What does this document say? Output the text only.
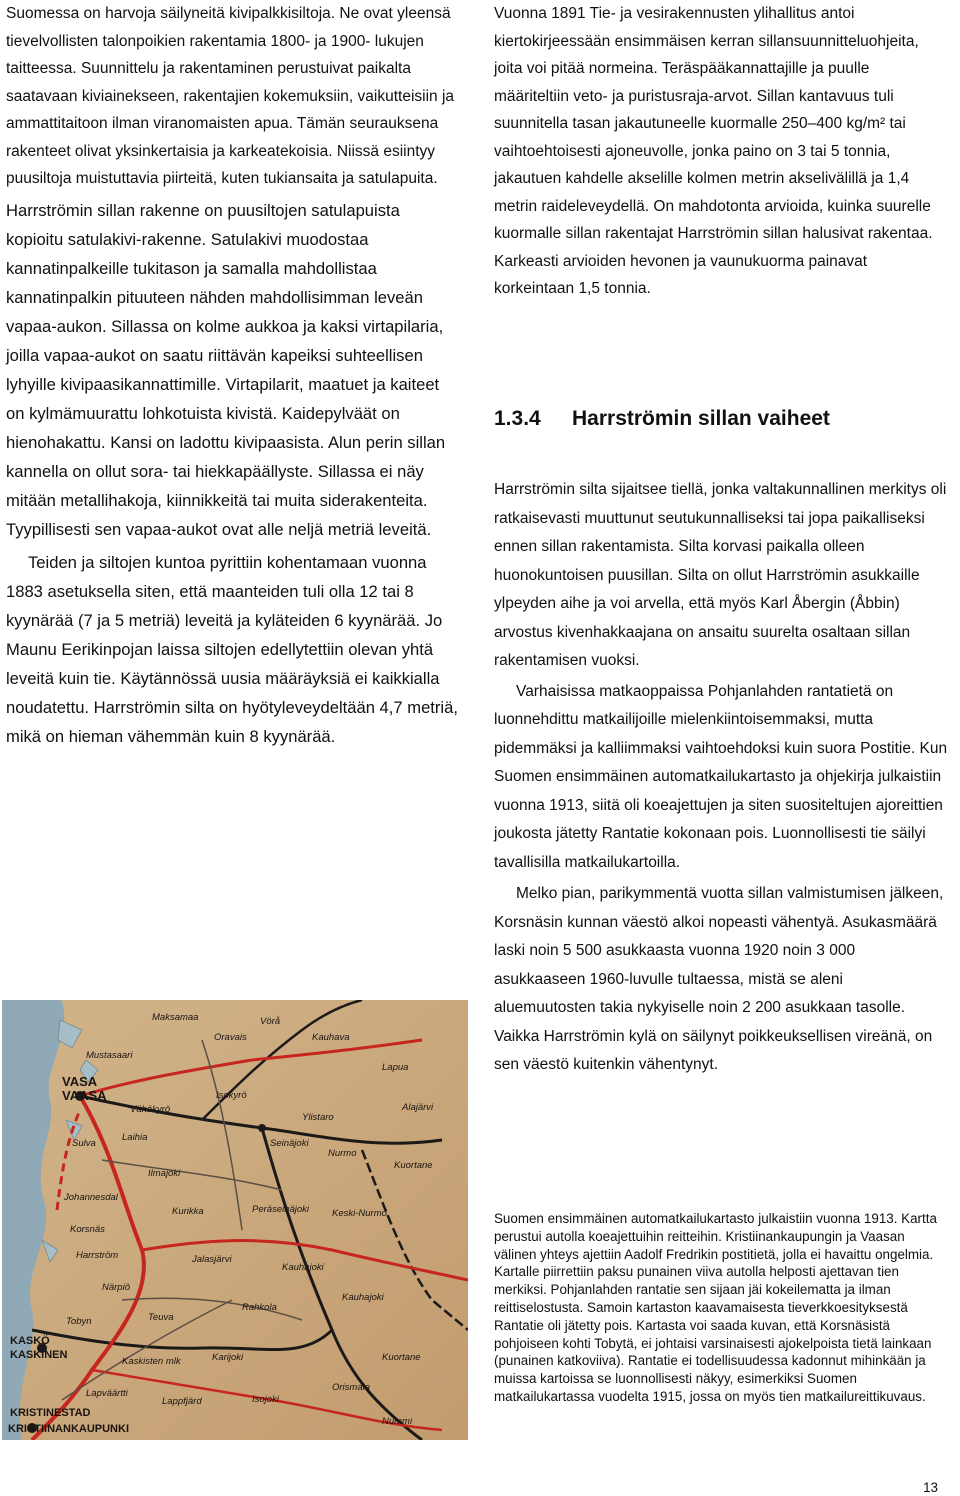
Suomessa on harvoja säilyneitä kivipalkkisiltoja. Ne ovat yleensä tievelvollisten talonpoikien rakentamia 1800- ja 1900- lukujen taitteessa. Suunnittelu ja rakentaminen perustuivat paikalta saatavaan kiviainekseen, rakentajien kokemuksiin, vaikutteisiin ja ammattitaitoon ilman viranomaisten apua. Tämän seurauksena rakenteet olivat yksinkertaisia ja karkeatekoisia. Niissä esiintyy puusiltoja muistuttavia piirteitä, kuten tukiansaita ja satulapuita.

Harrströmin sillan rakenne on puusiltojen satulapuista kopioitu satulakivi-rakenne. Satulakivi muodostaa kannatinpalkeille tukitason ja samalla mahdollistaa kannatinpalkin pituuteen nähden mahdollisimman leveän vapaa-aukon. Sillassa on kolme aukkoa ja kaksi virtapilaria, joilla vapaa-aukot on saatu riittävän kapeiksi suhteellisen lyhyille kivipaasikannattimille. Virtapilarit, maatuet ja kaiteet on kylmämuurattu lohkotuista kivistä. Kaidepylväät on hienohakattu. Kansi on ladottu kivipaasista. Alun perin sillan kannella on ollut sora- tai hiekkapäällyste. Sillassa ei näy mitään metallihakoja, kiinnikkeitä tai muita siderakenteita. Tyypillisesti sen vapaa-aukot ovat alle neljä metriä leveitä.

Teiden ja siltojen kuntoa pyrittiin kohentamaan vuonna 1883 asetuksella siten, että maanteiden tuli olla 12 tai 8 kyynärää (7 ja 5 metriä) leveitä ja kyläteiden 6 kyynärää. Jo Maunu Eerikinpojan laissa siltojen edellytettiin olevan yhtä leveitä kuin tie. Käytännössä uusia määräyksiä ei kaikkialla noudatettu. Harrströmin silta on hyötyleveydeltään 4,7 metriä, mikä on hieman vähemmän kuin 8 kyynärää.

VASA
VAASA
KASKÖ
KASKINEN
KRISTINESTAD
KRISTIINANKAUPUNKI
Maksamaa
Mustasaari
Vähäkyrö
Isokyrö
Oravais
Vörå
Kauhava
Lapua
Alajärvi
Sulva
Laihia
Ylistaro
Seinäjoki
Nurmo
Kuortane
Ilmajoki
Johannesdal
Korsnäs
Harrström
Kurikka	Peräseinäjoki Keski-Nurmo
Närpiö
Jalasjärvi
Kauhajoki
Teuva
Rahkola
Kauhajoki
Tobyn
Kaskisten mlk	Karijoki
Lapväärtti
Lappfjärd	Isojoki
Orismala
Kuortane
Nummi

Vuonna 1891 Tie- ja vesirakennusten ylihallitus antoi kiertokirjeessään ensimmäisen kerran sillansuunnitteluohjeita, joita voi pitää normeina. Teräspääkannattajille ja puulle määriteltiin veto- ja puristusraja-arvot. Sillan kantavuus tuli suunnitella tasan jakautuneelle kuormalle 250–400 kg/m² tai vaihtoehtoisesti ajoneuvolle, jonka paino on 3 tai 5 tonnia, jakautuen kahdelle akselille kolmen metrin akselivälillä ja 1,4 metrin raideleveydellä. On mahdotonta arvioida, kuinka suurelle kuormalle sillan rakentajat Harrströmin sillan halusivat rakentaa. Karkeasti arvioiden hevonen ja vaunukuorma painavat korkeintaan 1,5 tonnia.

1.3.4 Harrströmin sillan vaiheet

Harrströmin silta sijaitsee tiellä, jonka valtakunnallinen merkitys oli ratkaisevasti muuttunut seutukunnalliseksi tai jopa paikalliseksi ennen sillan rakentamista. Silta korvasi paikalla olleen huonokuntoisen puusillan. Silta on ollut Harrströmin asukkaille ylpeyden aihe ja voi arvella, että myös Karl Åbergin (Åbbin) arvostus kivenhakkaajana on ansaitu suurelta osaltaan sillan rakentamisen vuoksi.

Varhaisissa matkaoppaissa Pohjanlahden rantatietä on luonnehdittu matkailijoille mielenkiintoisemmaksi, mutta pidemmäksi ja kalliimmaksi vaihtoehdoksi kuin suora Postitie. Kun Suomen ensimmäinen automatkailukartasto ja ohjekirja julkaistiin vuonna 1913, siitä oli koeajettujen ja siten suositeltujen ajoreittien joukosta jätetty Rantatie kokonaan pois. Luonnollisesti tie säilyi tavallisilla matkailukartoilla.

Melko pian, parikymmentä vuotta sillan valmistumisen jälkeen, Korsnäsin kunnan väestö alkoi nopeasti vähentyä. Asukasmäärä laski noin 5 500 asukkaasta vuonna 1920 noin 3 000 asukkaaseen 1960-luvulle tultaessa, mistä se aleni aluemuutosten takia nykyiselle noin 2 200 asukkaan tasolle. Vaikka Harrströmin kylä on säilynyt poikkeuksellisen vireänä, on sen väestö kuitenkin vähentynyt.

Suomen ensimmäinen automatkailukartasto julkaistiin vuonna 1913. Kartta perustui autolla koeajettuihin reitteihin. Kristiinankaupungin ja Vaasan välinen yhteys ajettiin Aadolf Fredrikin postitietä, jolla ei havaittu ongelmia. Kartalle piirrettiin paksu punainen viiva autolla helposti ajettavan tien merkiksi. Pohjanlahden rantatie sen sijaan jäi kokeilematta ja ilman reittiselostusta. Samoin kartaston kaavamaisesta tieverkkoesityksestä Rantatie oli jätetty pois. Kartasta voi saada kuvan, että Korsnäsistä pohjoiseen kohti Tobytä, ei johtaisi varsinaisesti ajokelpoista tietä lainkaan (punainen katkoviiva). Rantatie ei todellisuudessa kadonnut mihinkään ja muissa kartoissa se luonnollisesti näkyy, esimerkiksi Suomen matkailukartassa vuodelta 1915, jossa on myös tien matkailureittikuvaus.

13
